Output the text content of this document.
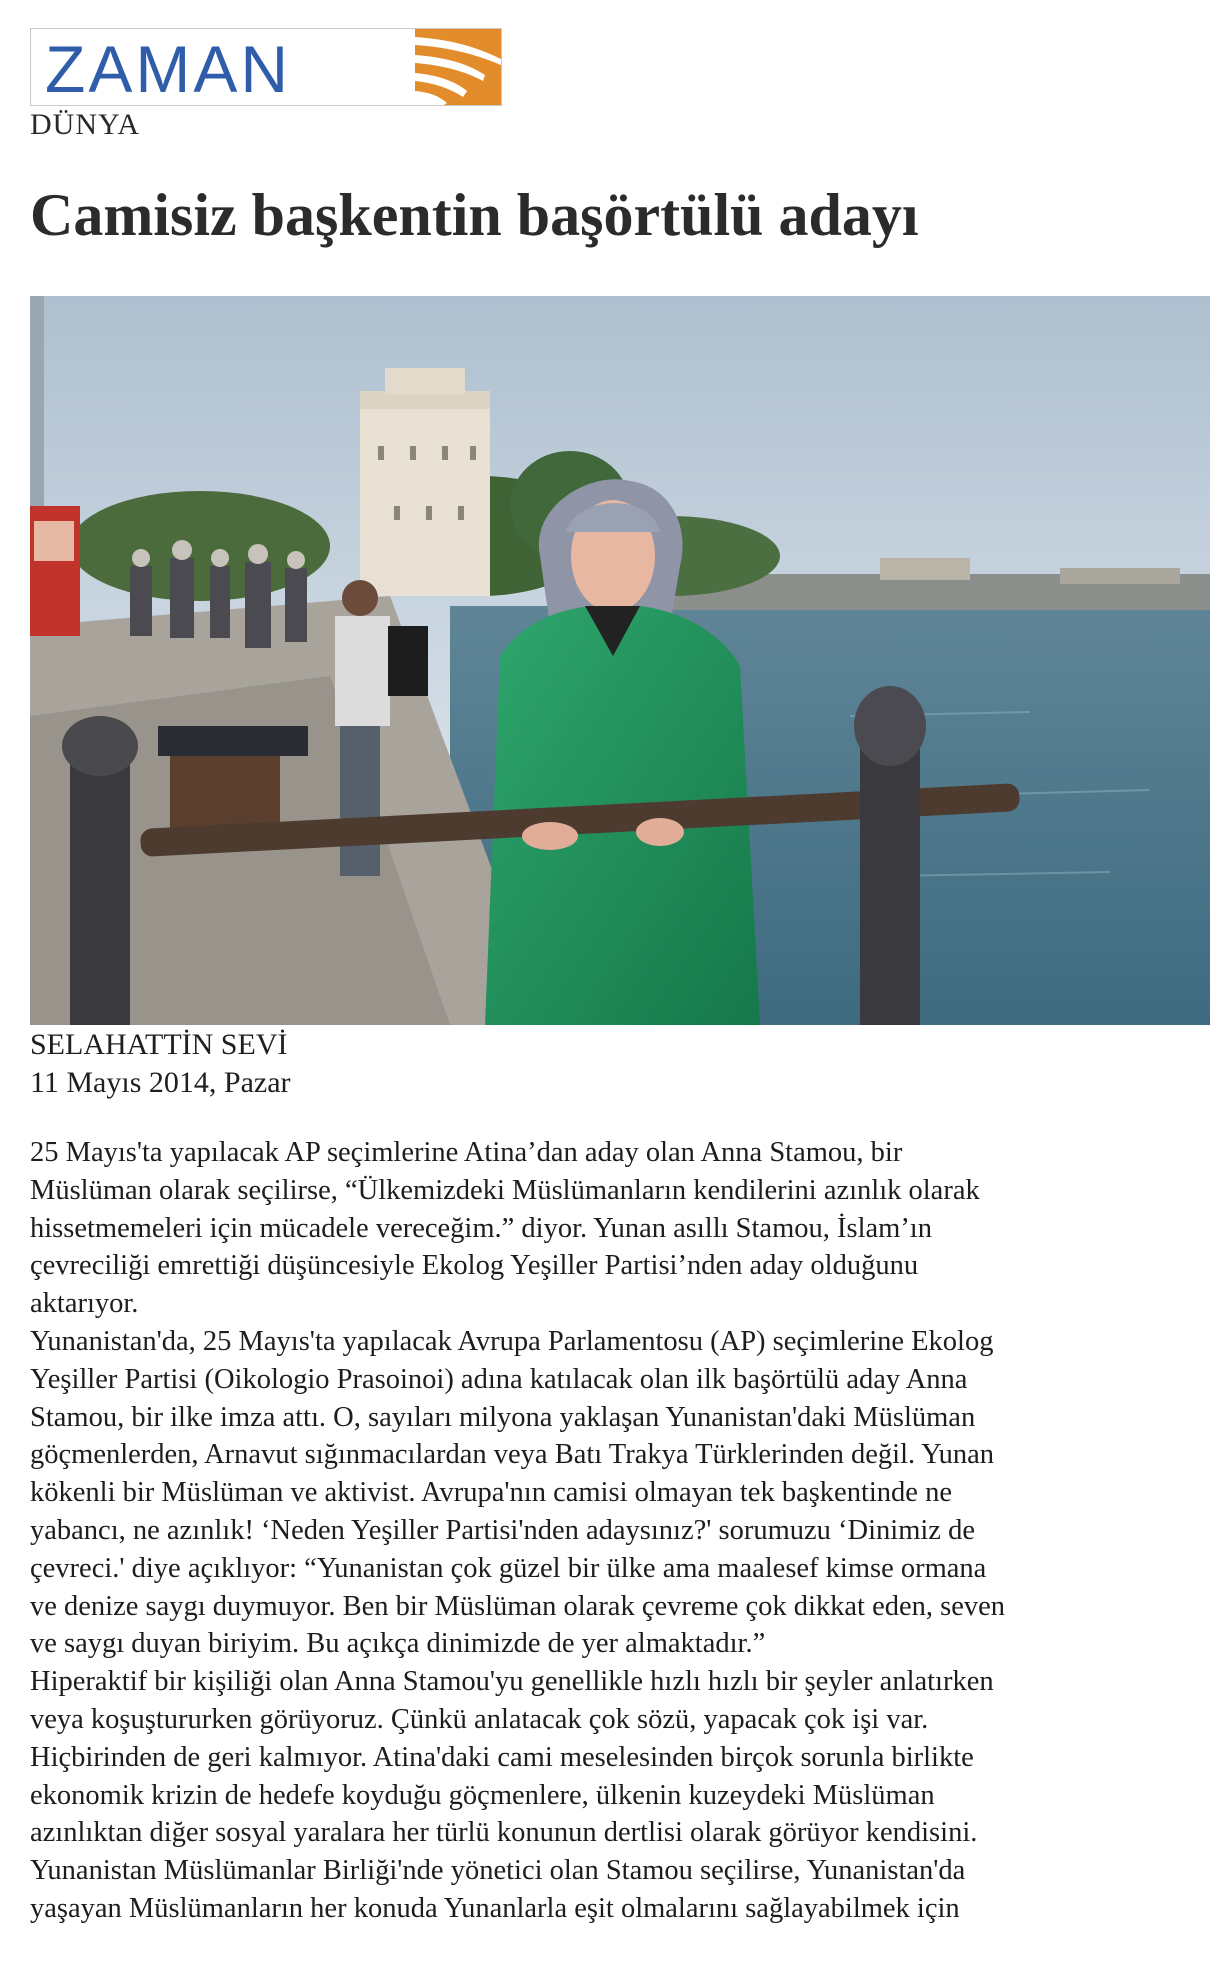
ZAMAN
DÜNYA
Camisiz başkentin başörtülü adayı
SELAHATTİN SEVİ
11 Mayıs 2014, Pazar

25 Mayıs'ta yapılacak AP seçimlerine Atina’dan aday olan Anna Stamou, bir

Müslüman olarak seçilirse, “Ülkemizdeki Müslümanların kendilerini azınlık olarak

hissetmemeleri için mücadele vereceğim.” diyor. Yunan asıllı Stamou, İslam’ın

çevreciliği emrettiği düşüncesiyle Ekolog Yeşiller Partisi’nden aday olduğunu

aktarıyor.

Yunanistan'da, 25 Mayıs'ta yapılacak Avrupa Parlamentosu (AP) seçimlerine Ekolog

Yeşiller Partisi (Oikologio Prasoinoi) adına katılacak olan ilk başörtülü aday Anna

Stamou, bir ilke imza attı. O, sayıları milyona yaklaşan Yunanistan'daki Müslüman

göçmenlerden, Arnavut sığınmacılardan veya Batı Trakya Türklerinden değil. Yunan

kökenli bir Müslüman ve aktivist. Avrupa'nın camisi olmayan tek başkentinde ne

yabancı, ne azınlık! ‘Neden Yeşiller Partisi'nden adaysınız?' sorumuzu ‘Dinimiz de

çevreci.' diye açıklıyor: “Yunanistan çok güzel bir ülke ama maalesef kimse ormana

ve denize saygı duymuyor. Ben bir Müslüman olarak çevreme çok dikkat eden, seven

ve saygı duyan biriyim. Bu açıkça dinimizde de yer almaktadır.”

Hiperaktif bir kişiliği olan Anna Stamou'yu genellikle hızlı hızlı bir şeyler anlatırken

veya koşuştururken görüyoruz. Çünkü anlatacak çok sözü, yapacak çok işi var.

Hiçbirinden de geri kalmıyor. Atina'daki cami meselesinden birçok sorunla birlikte

ekonomik krizin de hedefe koyduğu göçmenlere, ülkenin kuzeydeki Müslüman

azınlıktan diğer sosyal yaralara her türlü konunun dertlisi olarak görüyor kendisini.

Yunanistan Müslümanlar Birliği'nde yönetici olan Stamou seçilirse, Yunanistan'da

yaşayan Müslümanların her konuda Yunanlarla eşit olmalarını sağlayabilmek için
